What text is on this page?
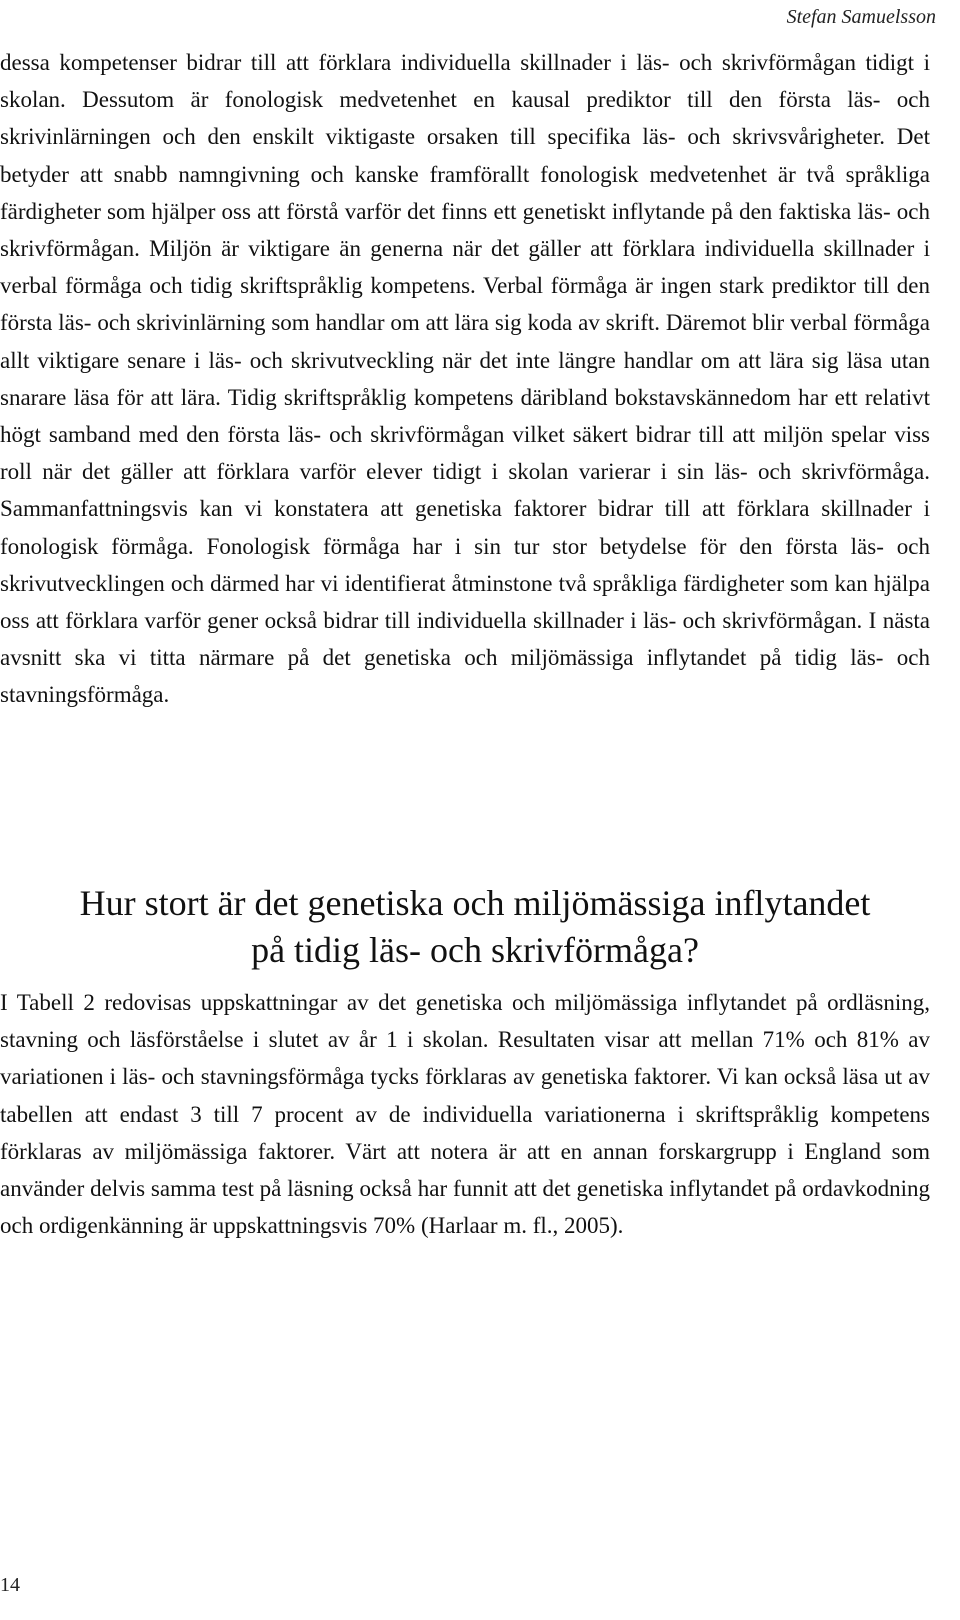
Stefan Samuelsson

dessa kompetenser bidrar till att förklara individuella skillnader i läs- och skrivförmågan tidigt i skolan. Dessutom är fonologisk medvetenhet en kausal prediktor till den första läs- och skrivinlärningen och den enskilt viktigaste orsaken till specifika läs- och skrivsvårigheter. Det betyder att snabb namngivning och kanske framförallt fonologisk medvetenhet är två språkliga färdigheter som hjälper oss att förstå varför det finns ett genetiskt inflytande på den faktiska läs- och skrivförmågan. Miljön är viktigare än generna när det gäller att förklara individuella skillnader i verbal förmåga och tidig skriftspråklig kompetens. Verbal förmåga är ingen stark prediktor till den första läs- och skrivinlärning som handlar om att lära sig koda av skrift. Däremot blir verbal förmåga allt viktigare senare i läs- och skrivutveckling när det inte längre handlar om att lära sig läsa utan snarare läsa för att lära. Tidig skriftspråklig kompetens däribland bokstavskännedom har ett relativt högt samband med den första läs- och skrivförmågan vilket säkert bidrar till att miljön spelar viss roll när det gäller att förklara varför elever tidigt i skolan varierar i sin läs- och skrivförmåga. Sammanfattningsvis kan vi konstatera att genetiska faktorer bidrar till att förklara skillnader i fonologisk förmåga. Fonologisk förmåga har i sin tur stor betydelse för den första läs- och skrivutvecklingen och därmed har vi identifierat åtminstone två språkliga färdigheter som kan hjälpa oss att förklara varför gener också bidrar till individuella skillnader i läs- och skrivförmågan. I nästa avsnitt ska vi titta närmare på det genetiska och miljömässiga inflytandet på tidig läs- och stavningsförmåga.

Hur stort är det genetiska och miljömässiga inflytandet på tidig läs- och skrivförmåga?

I Tabell 2 redovisas uppskattningar av det genetiska och miljömässiga inflytandet på ordläsning, stavning och läsförståelse i slutet av år 1 i skolan. Resultaten visar att mellan 71% och 81% av variationen i läs- och stavningsförmåga tycks förklaras av genetiska faktorer. Vi kan också läsa ut av tabellen att endast 3 till 7 procent av de individuella variationerna i skriftspråklig kompetens förklaras av miljömässiga faktorer. Värt att notera är att en annan forskargrupp i England som använder delvis samma test på läsning också har funnit att det genetiska inflytandet på ordavkodning och ordigenkänning är uppskattningsvis 70% (Harlaar m. fl., 2005).

14
